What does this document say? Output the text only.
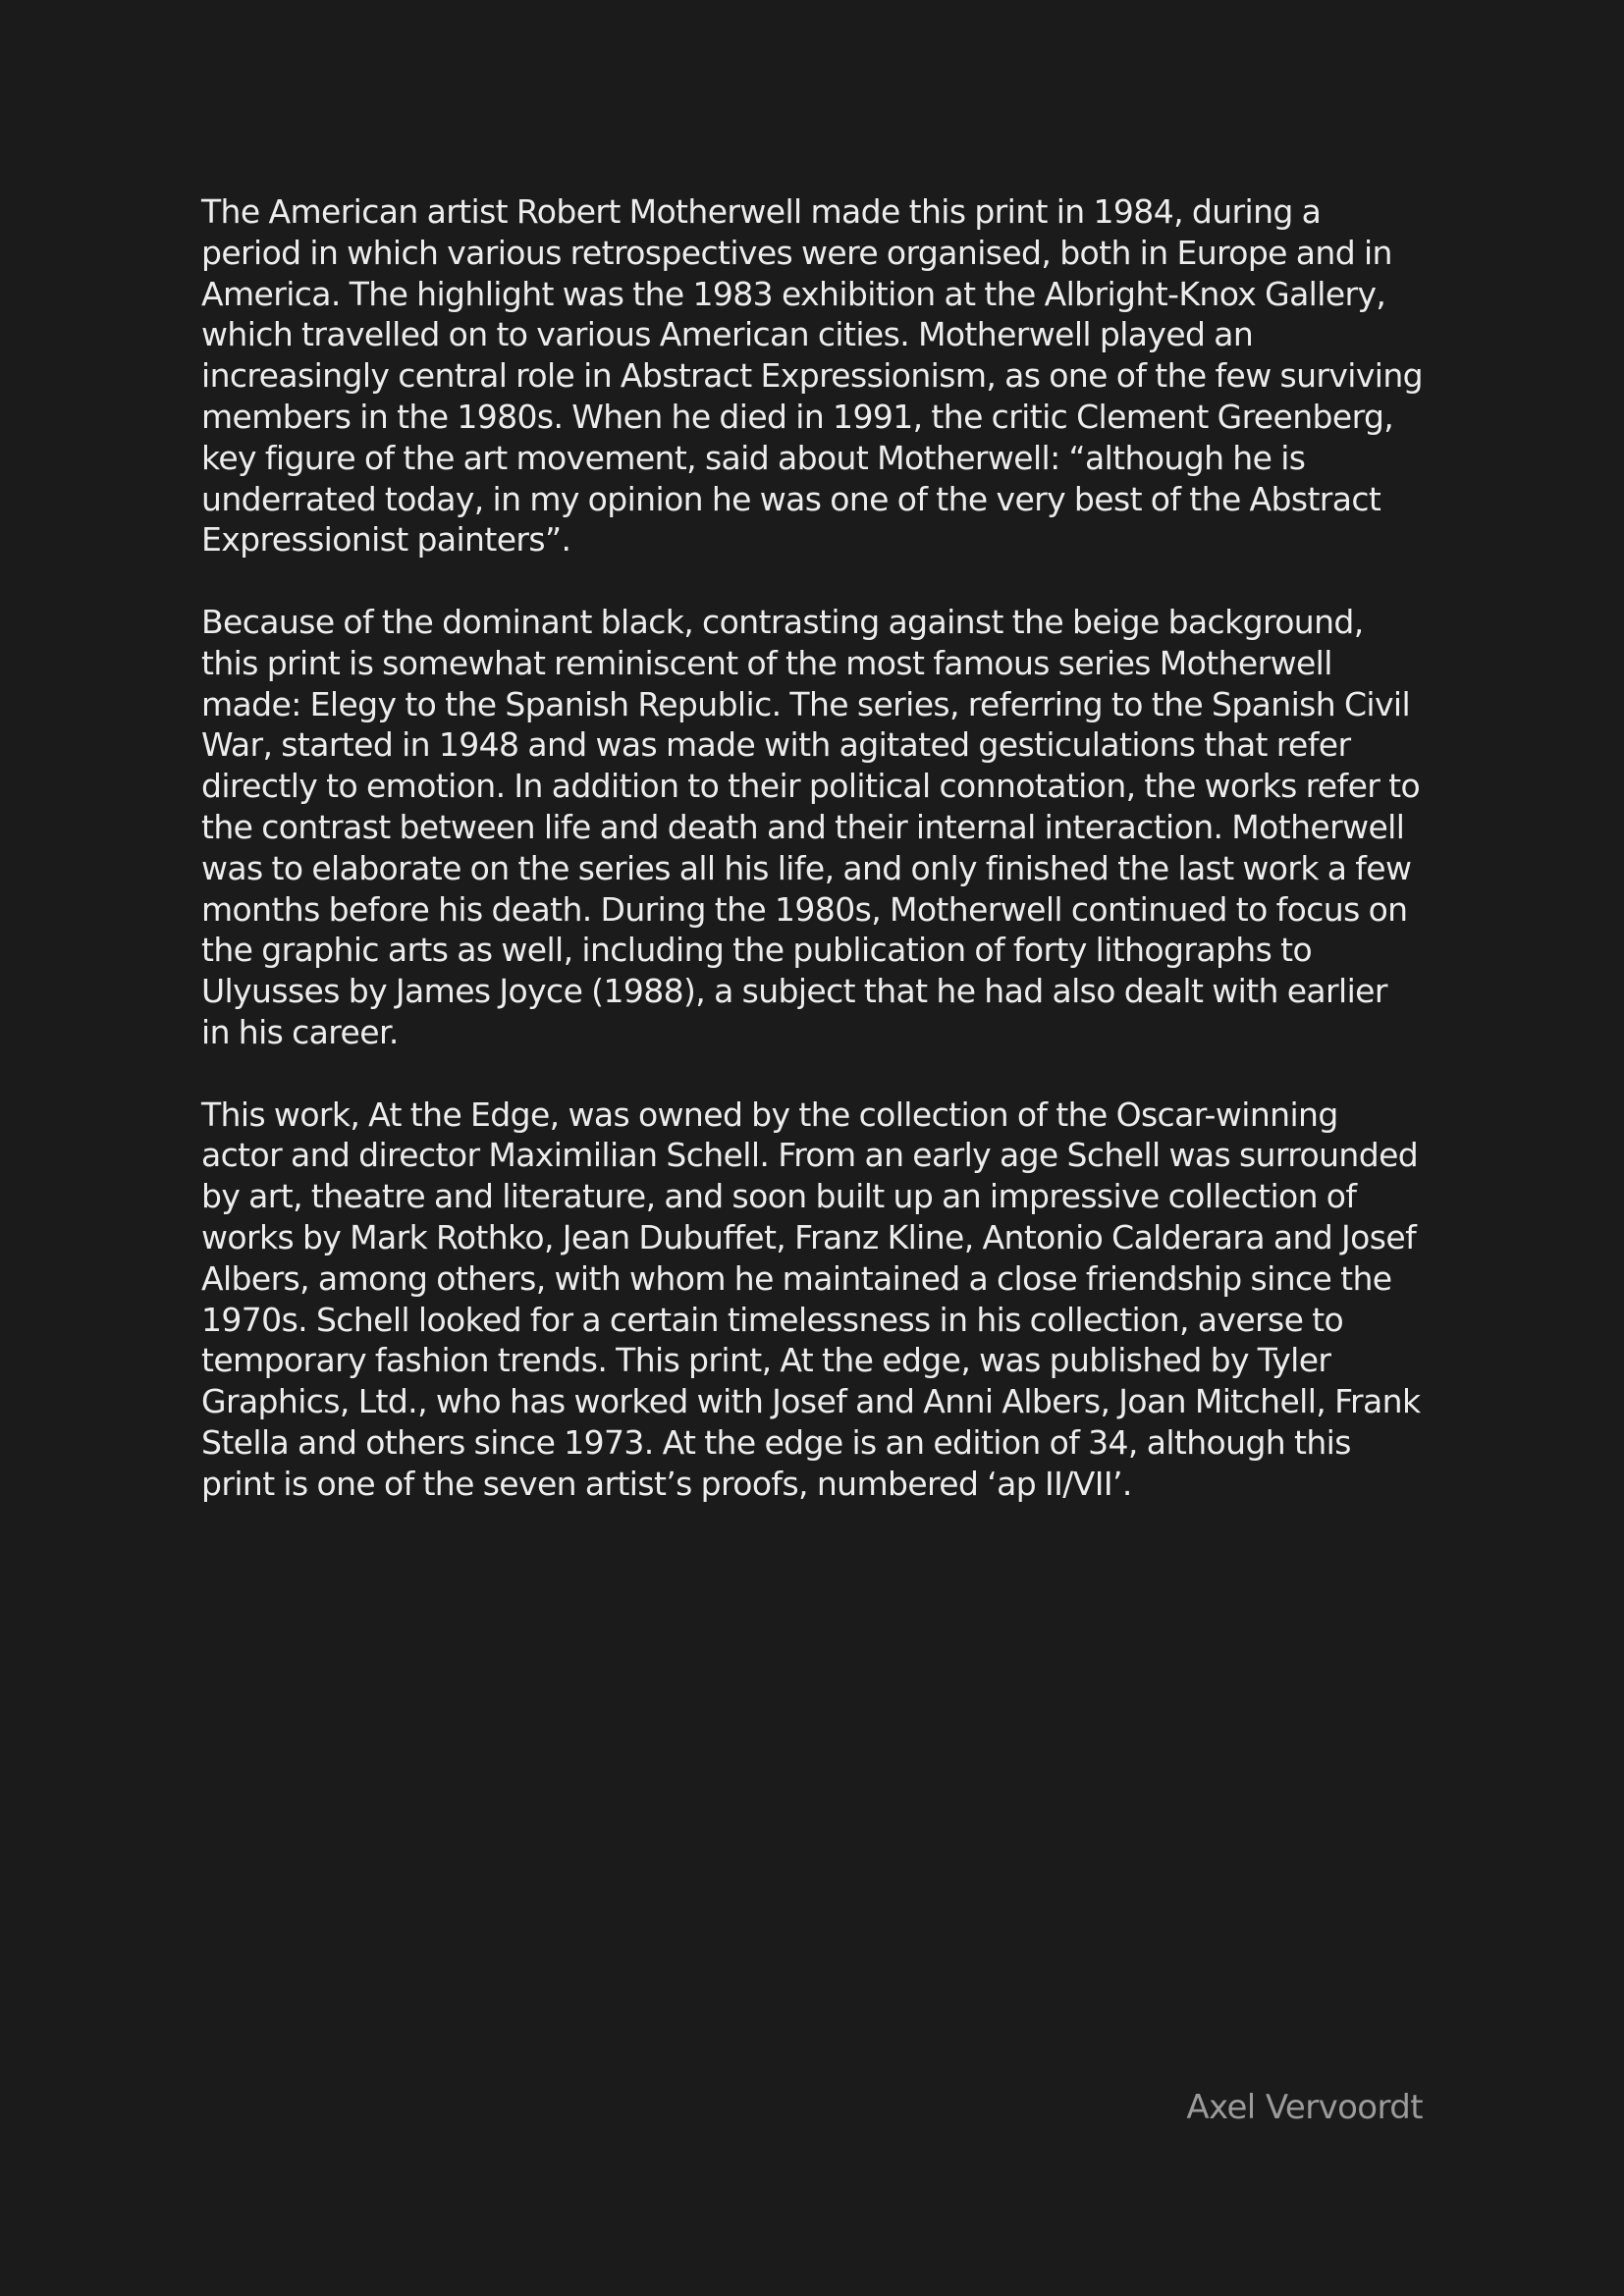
The American artist Robert Motherwell made this print in 1984, during a period in which various retrospectives were organised, both in Europe and in America. The highlight was the 1983 exhibition at the Albright-Knox Gallery, which travelled on to various American cities. Motherwell played an increasingly central role in Abstract Expressionism, as one of the few surviving members in the 1980s. When he died in 1991, the critic Clement Greenberg, key figure of the art movement, said about Motherwell: “although he is underrated today, in my opinion he was one of the very best of the Abstract Expressionist painters”.

Because of the dominant black, contrasting against the beige background, this print is somewhat reminiscent of the most famous series Motherwell made: Elegy to the Spanish Republic. The series, referring to the Spanish Civil War, started in 1948 and was made with agitated gesticulations that refer directly to emotion. In addition to their political connotation, the works refer to the contrast between life and death and their internal interaction. Motherwell was to elaborate on the series all his life, and only finished the last work a few months before his death. During the 1980s, Motherwell continued to focus on the graphic arts as well, including the publication of forty lithographs to Ulyusses by James Joyce (1988), a subject that he had also dealt with earlier in his career.

This work, At the Edge, was owned by the collection of the Oscar-winning actor and director Maximilian Schell. From an early age Schell was surrounded by art, theatre and literature, and soon built up an impressive collection of works by Mark Rothko, Jean Dubuffet, Franz Kline, Antonio Calderara and Josef Albers, among others, with whom he maintained a close friendship since the 1970s. Schell looked for a certain timelessness in his collection, averse to temporary fashion trends. This print, At the edge, was published by Tyler Graphics, Ltd., who has worked with Josef and Anni Albers, Joan Mitchell, Frank Stella and others since 1973. At the edge is an edition of 34, although this print is one of the seven artist’s proofs, numbered ‘ap II/VII’.

Axel Vervoordt
